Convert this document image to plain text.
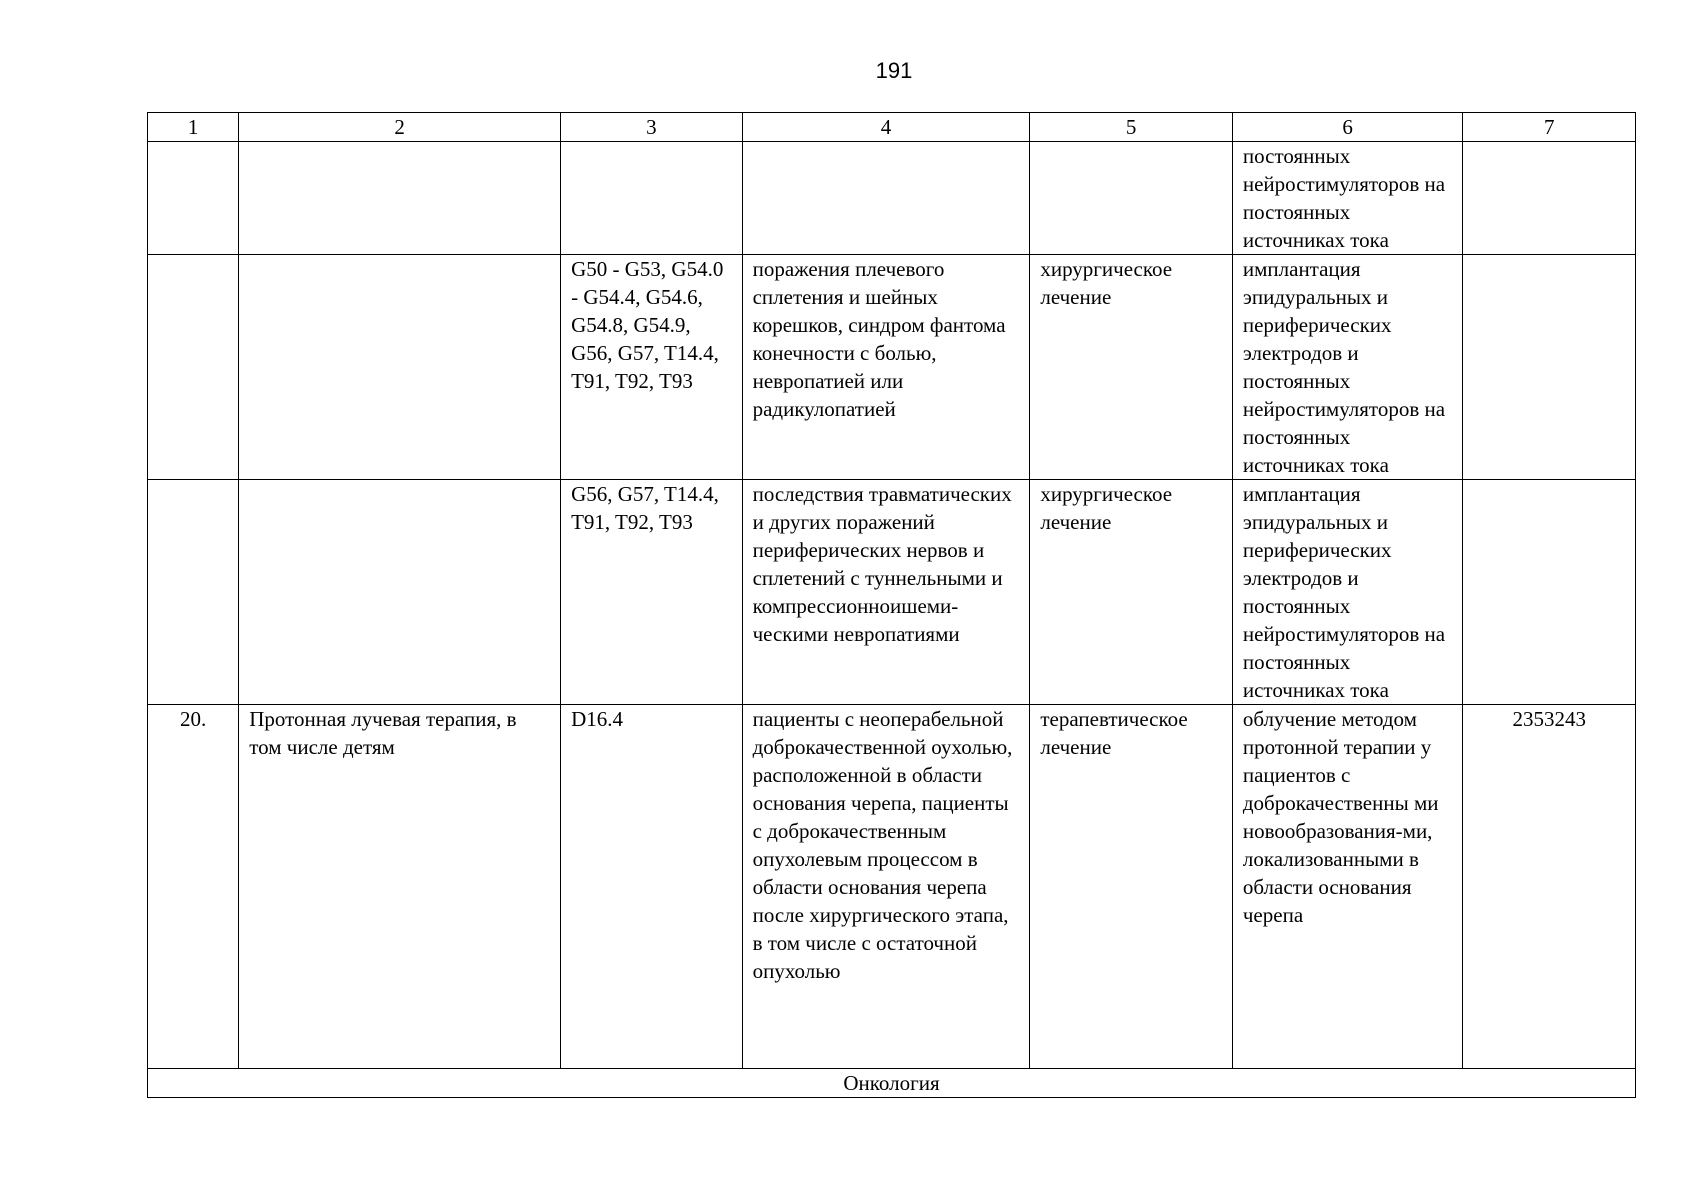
191
1	2	3	4	5	6	7
					постоянных нейростимуляторов на постоянных источниках тока	
		G50 - G53, G54.0 - G54.4, G54.6, G54.8, G54.9, G56, G57, T14.4, T91, T92, T93	поражения плечевого сплетения и шейных корешков, синдром фантома конечности с болью, невропатией или радикулопатией	хирургическое лечение	имплантация эпидуральных и периферических электродов и постоянных нейростимуляторов на постоянных источниках тока	
		G56, G57, T14.4, T91, T92, T93	последствия травматических и других поражений периферических нервов и сплетений с туннельными и компрессионноишеми-ческими невропатиями	хирургическое лечение	имплантация эпидуральных и периферических электродов и постоянных нейростимуляторов на постоянных источниках тока	
20.	Протонная лучевая терапия, в том числе детям	D16.4	пациенты с неоперабельной доброкачественной оухолью, расположенной в области основания черепа, пациенты с доброкачественным опухолевым процессом в области основания черепа после хирургического этапа, в том числе с остаточной опухолью	терапевтическое лечение	облучение методом протонной терапии у пациентов с доброкачественны ми новообразования-ми, локализованными в области основания черепа	2353243
Онкология						
